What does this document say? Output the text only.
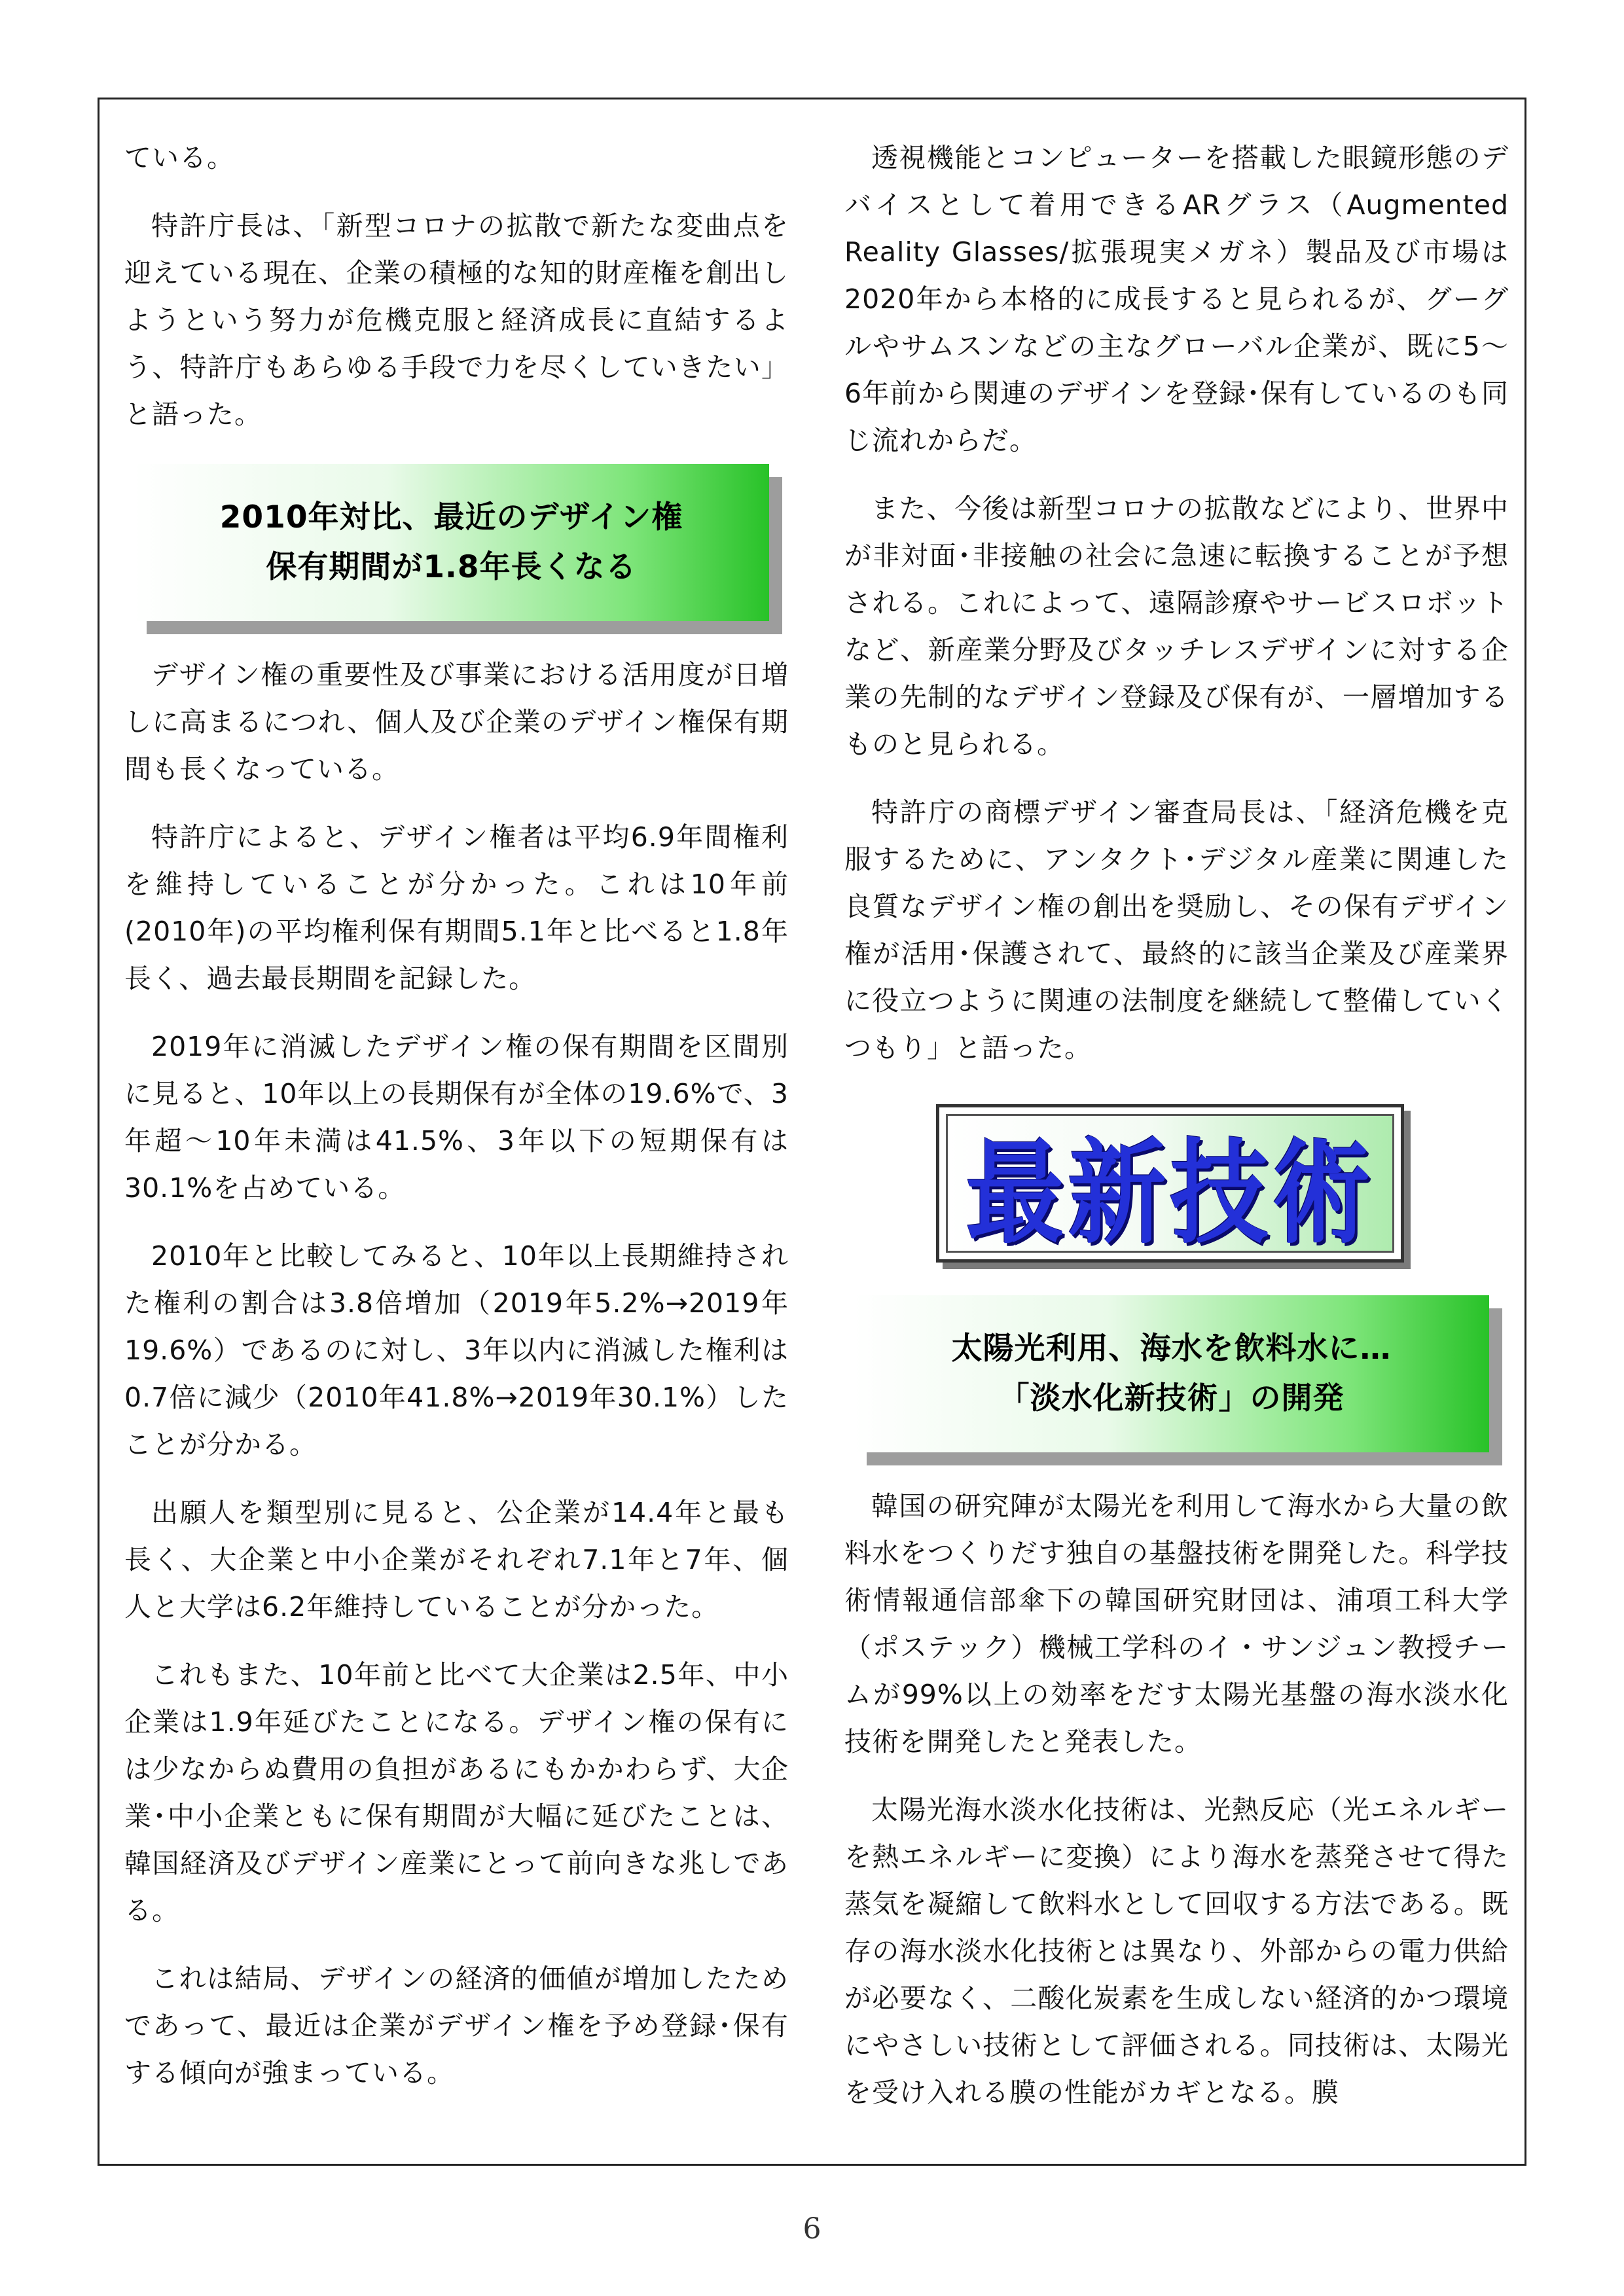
ている。

特許庁長は、「新型コロナの拡散で新たな変曲点を迎えている現在、企業の積極的な知的財産権を創出しようという努力が危機克服と経済成長に直結するよう、特許庁もあらゆる手段で力を尽くしていきたい」と語った。

2010年対比、最近のデザイン権
保有期間が1.8年長くなる

デザイン権の重要性及び事業における活用度が日増しに高まるにつれ、個人及び企業のデザイン権保有期間も長くなっている。

特許庁によると、デザイン権者は平均6.9年間権利を維持していることが分かった。これは10年前(2010年)の平均権利保有期間5.1年と比べると1.8年長く、過去最長期間を記録した。

2019年に消滅したデザイン権の保有期間を区間別に見ると、10年以上の長期保有が全体の19.6%で、3年超～10年未満は41.5%、3年以下の短期保有は30.1%を占めている。

2010年と比較してみると、10年以上長期維持された権利の割合は3.8倍増加（2019年5.2%→2019年19.6%）であるのに対し、3年以内に消滅した権利は0.7倍に減少（2010年41.8%→2019年30.1%）したことが分かる。

出願人を類型別に見ると、公企業が14.4年と最も長く、大企業と中小企業がそれぞれ7.1年と7年、個人と大学は6.2年維持していることが分かった。

これもまた、10年前と比べて大企業は2.5年、中小企業は1.9年延びたことになる。デザイン権の保有には少なからぬ費用の負担があるにもかかわらず、大企業･中小企業ともに保有期間が大幅に延びたことは、韓国経済及びデザイン産業にとって前向きな兆しである。

これは結局、デザインの経済的価値が増加したためであって、最近は企業がデザイン権を予め登録･保有する傾向が強まっている。

透視機能とコンピューターを搭載した眼鏡形態のデバイスとして着用できるARグラス（Augmented Reality Glasses/拡張現実メガネ）製品及び市場は2020年から本格的に成長すると見られるが、グーグルやサムスンなどの主なグローバル企業が、既に5～6年前から関連のデザインを登録･保有しているのも同じ流れからだ。

また、今後は新型コロナの拡散などにより、世界中が非対面･非接触の社会に急速に転換することが予想される。これによって、遠隔診療やサービスロボットなど、新産業分野及びタッチレスデザインに対する企業の先制的なデザイン登録及び保有が、一層増加するものと見られる。

特許庁の商標デザイン審査局長は、「経済危機を克服するために、アンタクト･デジタル産業に関連した良質なデザイン権の創出を奨励し、その保有デザイン権が活用･保護されて、最終的に該当企業及び産業界に役立つように関連の法制度を継続して整備していくつもり」と語った。

最新技術
太陽光利用、海水を飲料水に…
「淡水化新技術」の開発

韓国の研究陣が太陽光を利用して海水から大量の飲料水をつくりだす独自の基盤技術を開発した。科学技術情報通信部傘下の韓国研究財団は、浦項工科大学（ポステック）機械工学科のイ・サンジュン教授チームが99%以上の効率をだす太陽光基盤の海水淡水化技術を開発したと発表した。

太陽光海水淡水化技術は、光熱反応（光エネルギーを熱エネルギーに変換）により海水を蒸発させて得た蒸気を凝縮して飲料水として回収する方法である。既存の海水淡水化技術とは異なり、外部からの電力供給が必要なく、二酸化炭素を生成しない経済的かつ環境にやさしい技術として評価される。同技術は、太陽光を受け入れる膜の性能がカギとなる。膜

6
